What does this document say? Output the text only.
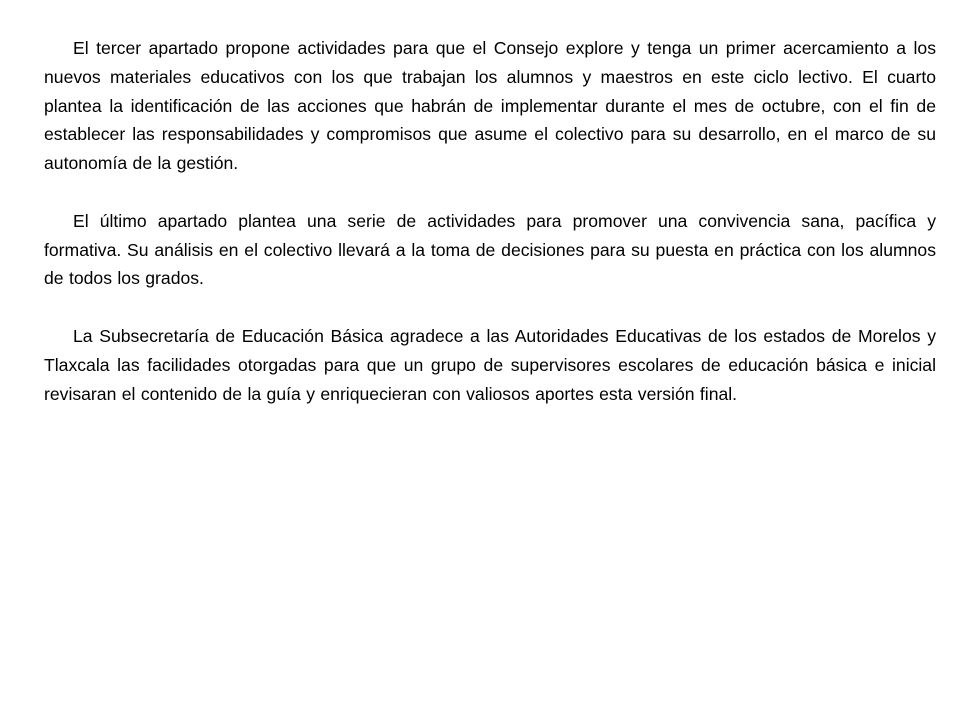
El tercer apartado propone actividades para que el Consejo explore y tenga un primer acercamiento a los nuevos materiales educativos con los que trabajan los alumnos y maestros en este ciclo lectivo. El cuarto plantea la identificación de las acciones que habrán de implementar durante el mes de octubre, con el fin de establecer las responsabilidades y compromisos que asume el colectivo para su desarrollo, en el marco de su autonomía de la gestión.

El último apartado plantea una serie de actividades para promover una convivencia sana, pacífica y formativa. Su análisis en el colectivo llevará a la toma de decisiones para su puesta en práctica con los alumnos de todos los grados.

La Subsecretaría de Educación Básica agradece a las Autoridades Educativas de los estados de Morelos y Tlaxcala las facilidades otorgadas para que un grupo de supervisores escolares de educación básica e inicial revisaran el contenido de la guía y enriquecieran con valiosos aportes esta versión final.
